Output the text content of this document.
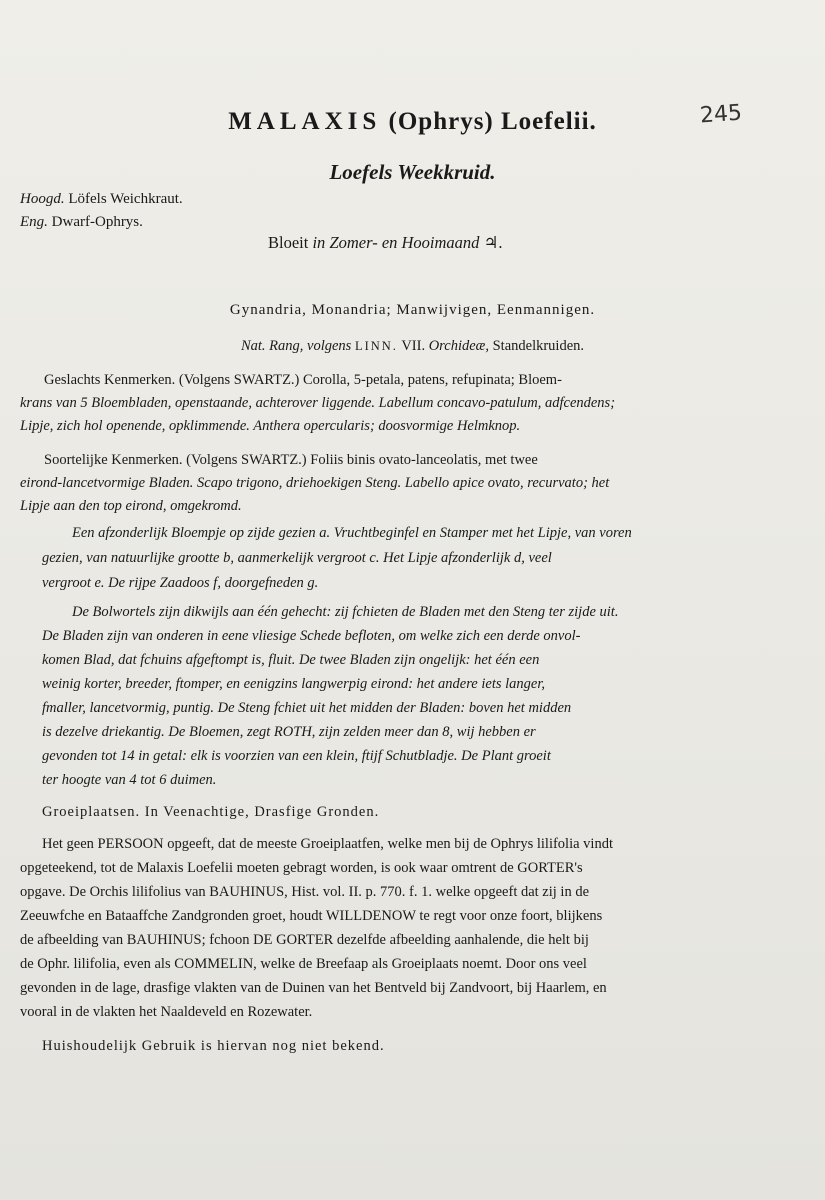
MALAXIS (Ophrys) Loefelii.	245
Loefels Weekkruid.
Hoogd. Löfels Weichkraut.
Eng. Dwarf-Ophrys.
Bloeit in Zomer- en Hooimaand ♃.
Gynandria, Monandria; Manwijvigen, Eenmannigen.
Nat. Rang, volgens LINN. VII. Orchideæ, Standelkruiden.
Geslachts Kenmerken. (Volgens SWARTZ.) Corolla, 5-petala, patens, refupinata; Bloem-
krans van 5 Bloembladen, openstaande, achterover liggende. Labellum concavo-patulum, adfcendens;
Lipje, zich hol openende, opklimmende. Anthera opercularis; doosvormige Helmknop.
Soortelijke Kenmerken. (Volgens SWARTZ.) Foliis binis ovato-lanceolatis, met twee
eirond-lancetvormige Bladen. Scapo trigono, driehoekigen Steng. Labello apice ovato, recurvato; het
Lipje aan den top eirond, omgekromd.
Een afzonderlijk Bloempje op zijde gezien a. Vruchtbeginfel en Stamper met het Lipje, van voren
gezien, van natuurlijke grootte b, aanmerkelijk vergroot c. Het Lipje afzonderlijk d, veel
vergroot e. De rijpe Zaadoos f, doorgefneden g.
De Bolwortels zijn dikwijls aan één gehecht: zij fchieten de Bladen met den Steng ter zijde uit.
De Bladen zijn van onderen in eene vliesige Schede befloten, om welke zich een derde onvol-
komen Blad, dat fchuins afgeftompt is, fluit. De twee Bladen zijn ongelijk: het één een
weinig korter, breeder, ftomper, en eenigzins langwerpig eirond: het andere iets langer,
fmaller, lancetvormig, puntig. De Steng fchiet uit het midden der Bladen: boven het midden
is dezelve driekantig. De Bloemen, zegt ROTH, zijn zelden meer dan 8, wij hebben er
gevonden tot 14 in getal: elk is voorzien van een klein, ftijf Schutbladje. De Plant groeit
ter hoogte van 4 tot 6 duimen.
Groeiplaatsen. In Veenachtige, Drasfige Gronden.
Het geen PERSOON opgeeft, dat de meeste Groeiplaatfen, welke men bij de Ophrys lilifolia vindt
opgeteekend, tot de Malaxis Loefelii moeten gebragt worden, is ook waar omtrent de GORTER's
opgave. De Orchis lilifolius van BAUHINUS, Hist. vol. II. p. 770. f. 1. welke opgeeft dat zij in de
Zeeuwfche en Bataaffche Zandgronden groet, houdt WILLDENOW te regt voor onze foort, blijkens
de afbeelding van BAUHINUS; fchoon DE GORTER dezelfde afbeelding aanhalende, die helt bij
de Ophr. lilifolia, even als COMMELIN, welke de Breefaap als Groeiplaats noemt. Door ons veel
gevonden in de lage, drasfige vlakten van de Duinen van het Bentveld bij Zandvoort, bij Haarlem, en
vooral in de vlakten het Naaldeveld en Rozewater.
Huishoudelijk Gebruik is hiervan nog niet bekend.
